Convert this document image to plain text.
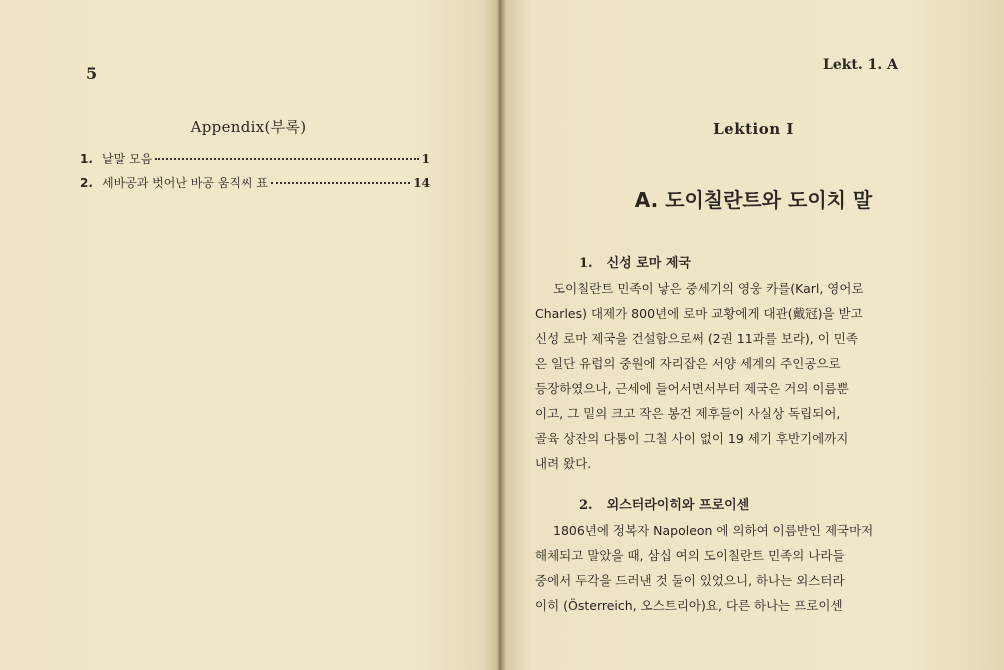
5
Appendix(부록)
1. 낱말 모음	1
2. 세바공과 벗어난 바공 움직씨 표	14
Lekt. 1. A
Lektion I
A. 도이칠란트와 도이치 말
1. 신성 로마 제국
도이칠란트 민족이 낳은 중세기의 영웅 카를(Karl, 영어로
Charles) 대제가 800년에 로마 교황에게 대관(戴冠)을 받고
신성 로마 제국을 건설함으로써 (2권 11과를 보라), 이 민족
은 일단 유럽의 중원에 자리잡은 서양 세계의 주인공으로
등장하였으나, 근세에 들어서면서부터 제국은 거의 이름뿐
이고, 그 밑의 크고 작은 봉건 제후들이 사실상 독립되어,
골육 상잔의 다툼이 그칠 사이 없이 19 세기 후반기에까지
내려 왔다.
2. 외스터라이히와 프로이센
1806년에 정복자 Napoleon 에 의하여 이름반인 제국마저
해체되고 말았을 때, 삼십 여의 도이칠란트 민족의 나라들
중에서 두각을 드러낸 것 둘이 있었으니, 하나는 외스터라
이히 (Österreich, 오스트리아)요, 다른 하나는 프로이센
